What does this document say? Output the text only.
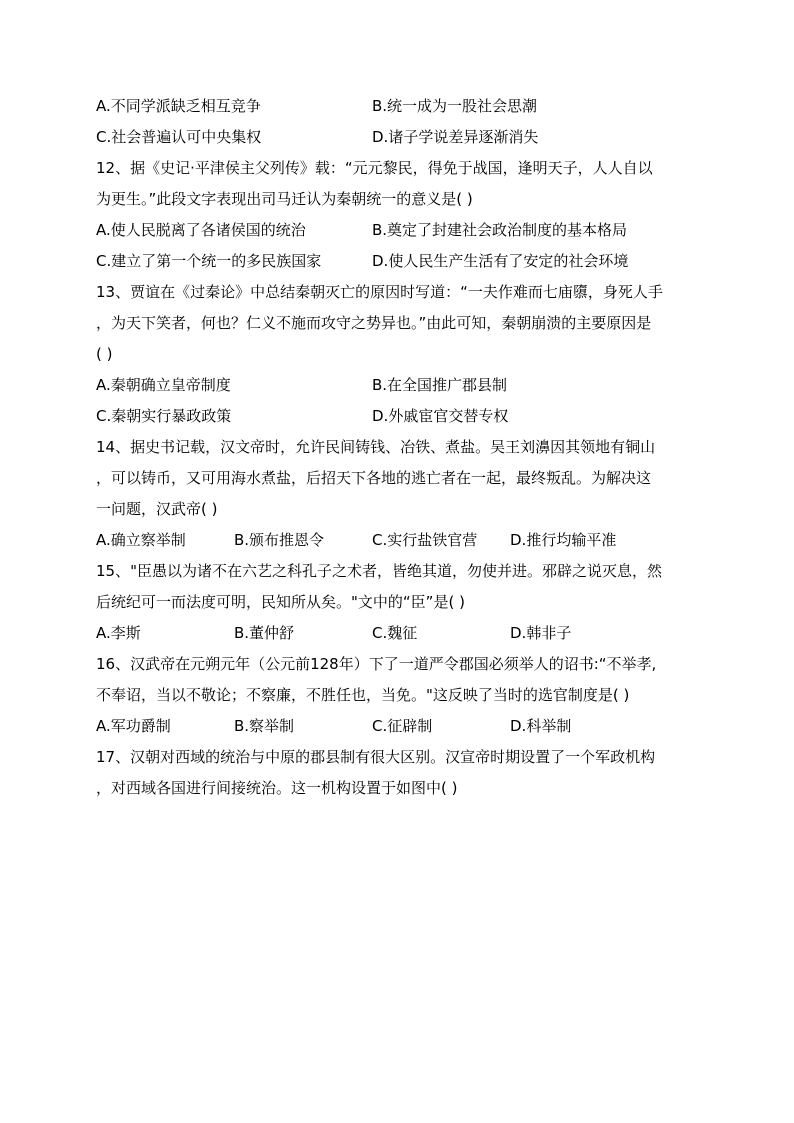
A.不同学派缺乏相互竞争	B.统一成为一股社会思潮
C.社会普遍认可中央集权	D.诸子学说差异逐渐消失
12、据《史记·平津侯主父列传》载：“元元黎民，得免于战国，逢明天子，人人自以
为更生。”此段文字表现出司马迁认为秦朝统一的意义是( )
A.使人民脱离了各诸侯国的统治	B.奠定了封建社会政治制度的基本格局
C.建立了第一个统一的多民族国家	D.使人民生产生活有了安定的社会环境
13、贾谊在《过秦论》中总结秦朝灭亡的原因时写道：“一夫作难而七庙隳，身死人手
，为天下笑者，何也？仁义不施而攻守之势异也。”由此可知，秦朝崩溃的主要原因是
( )
A.秦朝确立皇帝制度	B.在全国推广郡县制
C.秦朝实行暴政政策	D.外戚宦官交替专权
14、据史书记载，汉文帝时，允许民间铸钱、冶铁、煮盐。吴王刘濞因其领地有铜山
，可以铸币，又可用海水煮盐，后招天下各地的逃亡者在一起，最终叛乱。为解决这
一问题，汉武帝( )
A.确立察举制	B.颁布推恩令	C.实行盐铁官营 D.推行均输平准
15、"臣愚以为诸不在六艺之科孔子之术者，皆绝其道，勿使并进。邪辟之说灭息，然
后统纪可一而法度可明，民知所从矣。"文中的“臣”是( )
A.李斯	B.董仲舒	C.魏征	D.韩非子
16、汉武帝在元朔元年（公元前128年）下了一道严令郡国必须举人的诏书:“不举孝,
不奉诏，当以不敬论；不察廉，不胜任也，当免。"这反映了当时的选官制度是( )
A.军功爵制	B.察举制	C.征辟制	D.科举制
17、汉朝对西域的统治与中原的郡县制有很大区别。汉宣帝时期设置了一个军政机构
，对西域各国进行间接统治。这一机构设置于如图中( )
